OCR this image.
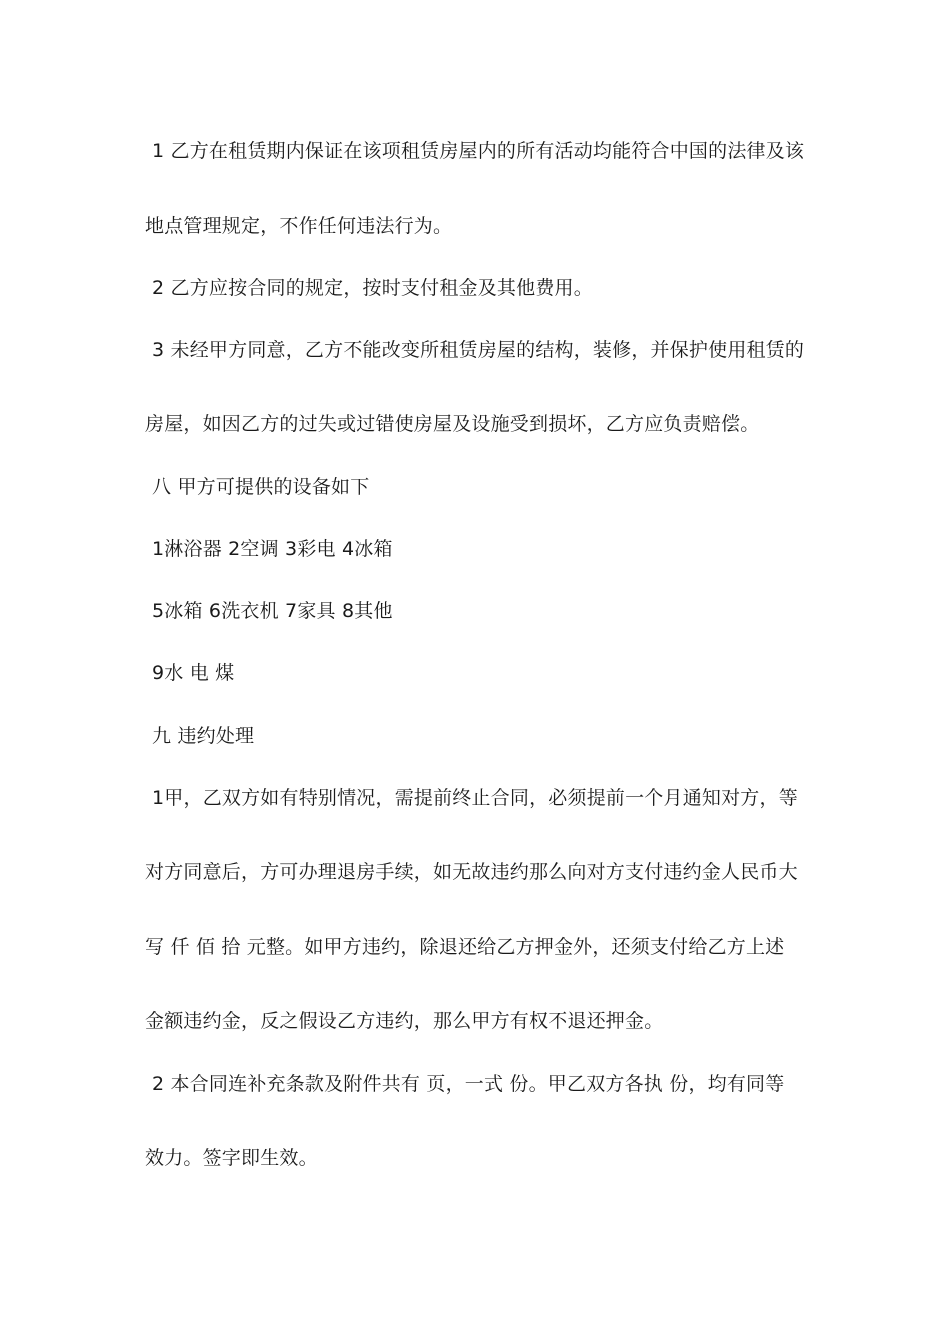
1 乙方在租赁期内保证在该项租赁房屋内的所有活动均能符合中国的法律及该
地点管理规定，不作任何违法行为。
2 乙方应按合同的规定，按时支付租金及其他费用。
3 未经甲方同意，乙方不能改变所租赁房屋的结构，装修，并保护使用租赁的
房屋，如因乙方的过失或过错使房屋及设施受到损坏，乙方应负责赔偿。
八 甲方可提供的设备如下
1淋浴器 2空调 3彩电 4冰箱
5冰箱 6洗衣机 7家具 8其他
9水 电 煤
九 违约处理
1甲，乙双方如有特别情况，需提前终止合同，必须提前一个月通知对方，等
对方同意后，方可办理退房手续，如无故违约那么向对方支付违约金人民币大
写 仟 佰 拾 元整。如甲方违约，除退还给乙方押金外，还须支付给乙方上述
金额违约金，反之假设乙方违约，那么甲方有权不退还押金。
2 本合同连补充条款及附件共有 页，一式 份。甲乙双方各执 份，均有同等
效力。签字即生效。
